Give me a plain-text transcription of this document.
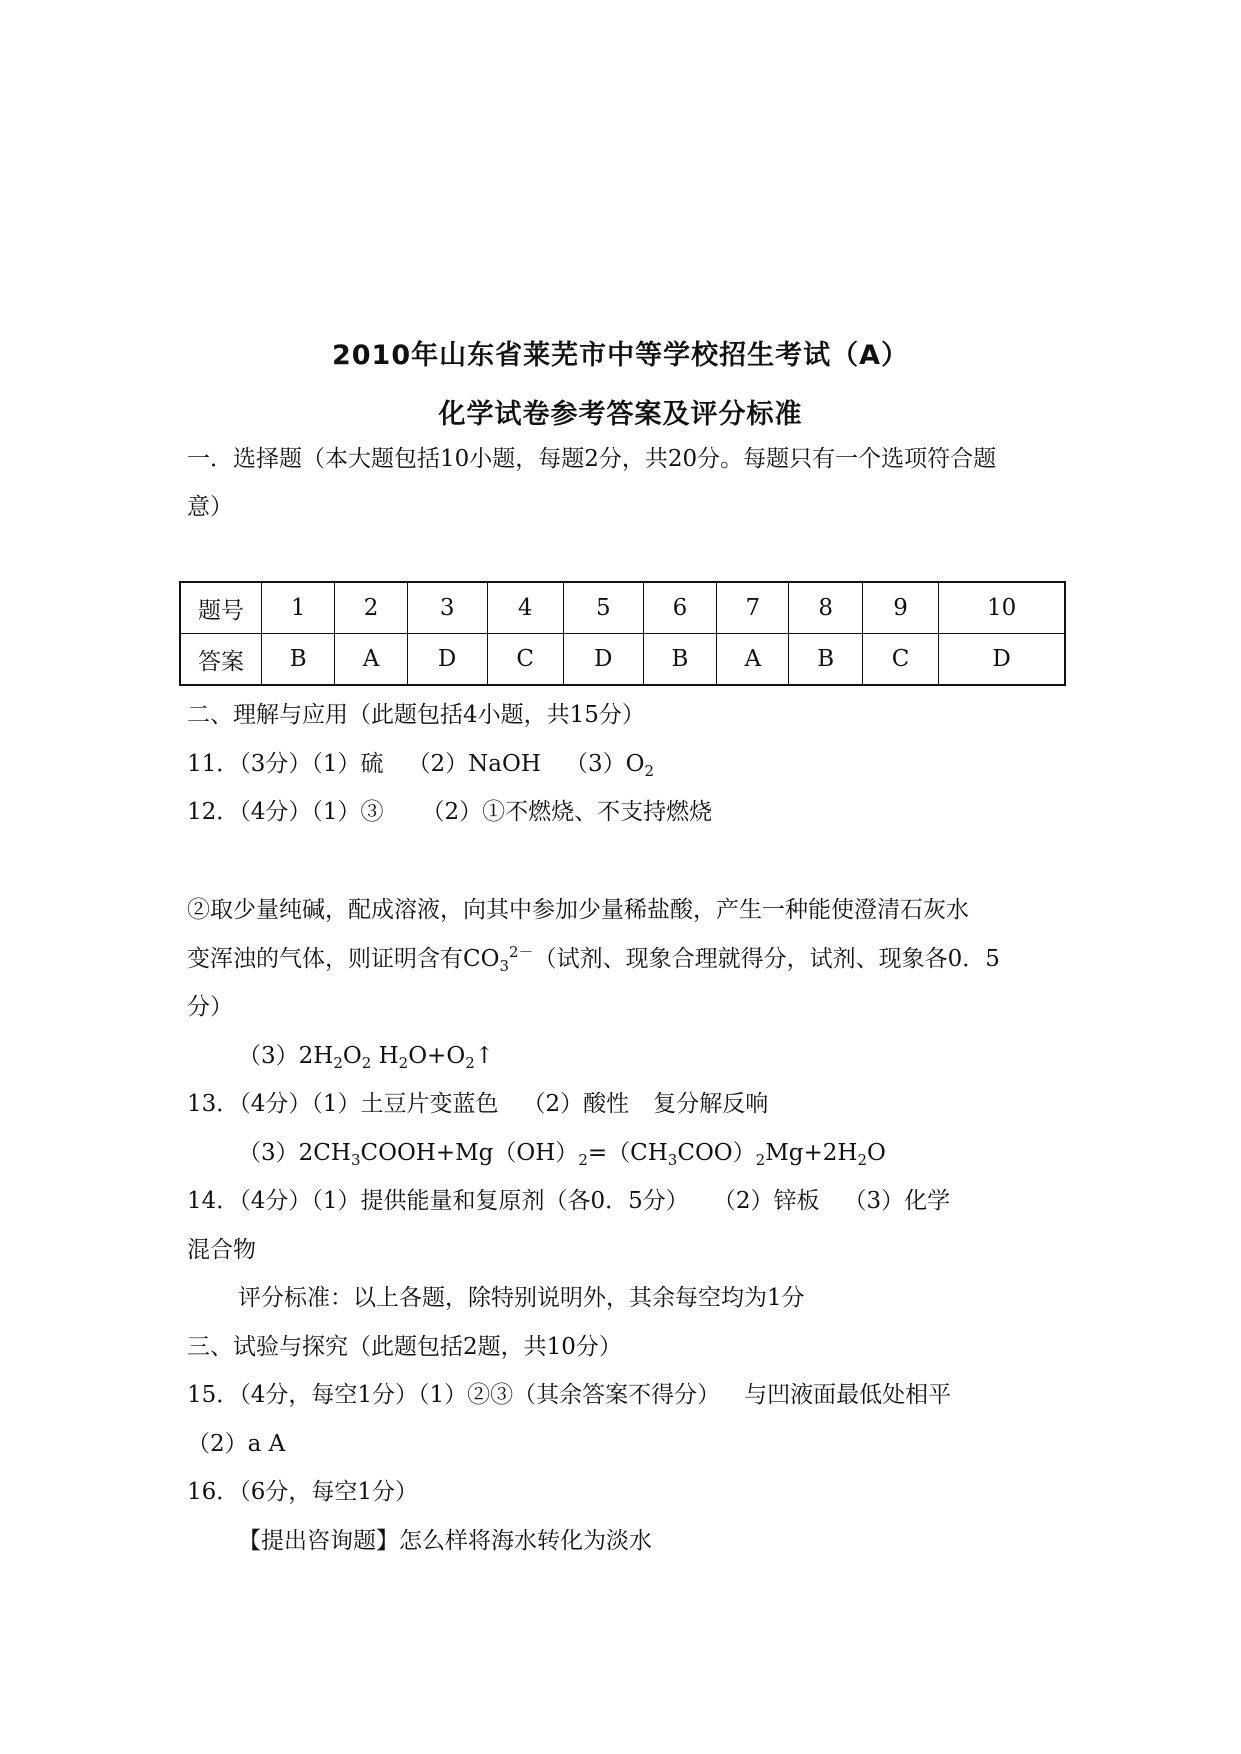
2010年山东省莱芜市中等学校招生考试（A）
化学试卷参考答案及评分标准
一．选择题（本大题包括10小题，每题2分，共20分。每题只有一个选项符合题
意）
题号	1	2	3	4	5	6	7	8	9	10
答案	B	A	D	C	D	B	A	B	C	D
二、理解与应用（此题包括4小题，共15分）
11．（3分）（1）硫 （2）NaOH $(3)O_2$
12．（4分）（1）③ （2）①不燃烧、不支持燃烧
②取少量纯碱，配成溶液，向其中参加少量稀盐酸，产生一种能使澄清石灰水
变浑浊的气体，则证明含有$CO_3^{2-}$（试剂、现象合理就得分，试剂、现象各0．5
分）
$(3)2H_2O_2$ $H_2O+O_2↑$
13．（4分）（1）土豆片变蓝色 （2）酸性 复分解反响
$(3)2CH_3COOH+Mg(OH)_2=(CH_3COO)_2Mg+2H_2O$
14．（4分）（1）提供能量和复原剂（各0．5分） （2）锌板 （3）化学
混合物
评分标准：以上各题，除特别说明外，其余每空均为1分
三、试验与探究（此题包括2题，共10分）
15．（4分，每空1分）（1）②③（其余答案不得分） 与凹液面最低处相平
（2）a A
16．（6分，每空1分）
【提出咨询题】怎么样将海水转化为淡水
